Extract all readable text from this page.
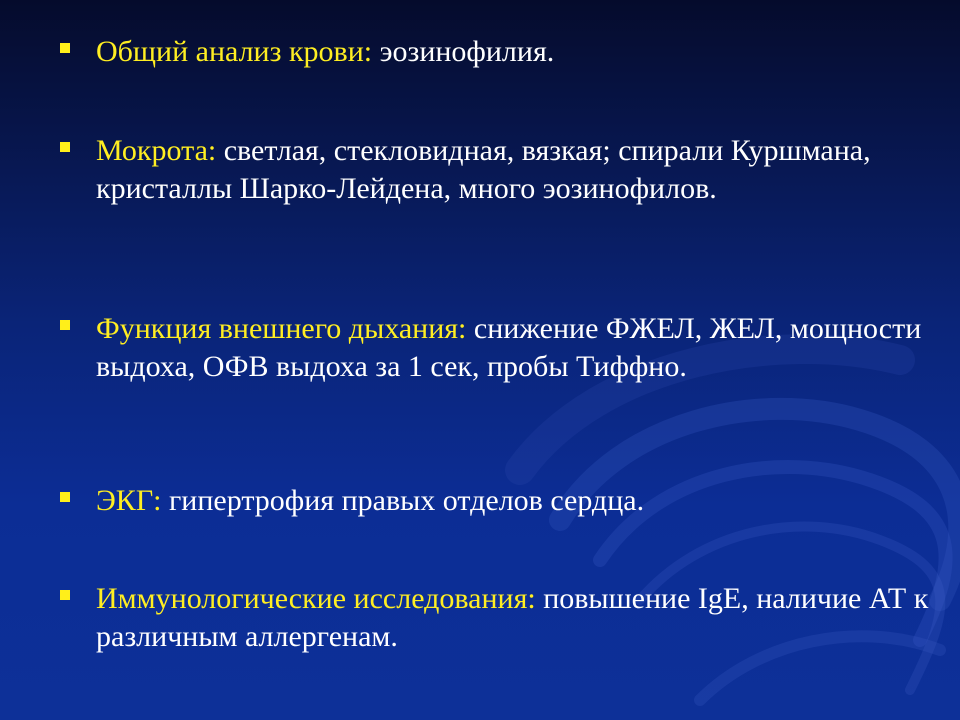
Общий анализ крови: эозинофилия.
Мокрота: светлая, стекловидная, вязкая; спирали Куршмана, кристаллы Шарко-Лейдена, много эозинофилов.
Функция внешнего дыхания: снижение ФЖЕЛ, ЖЕЛ, мощности выдоха, ОФВ выдоха за 1 сек, пробы Тиффно.
ЭКГ: гипертрофия правых отделов сердца.
Иммунологические исследования: повышение IgE, наличие АТ к различным аллергенам.
